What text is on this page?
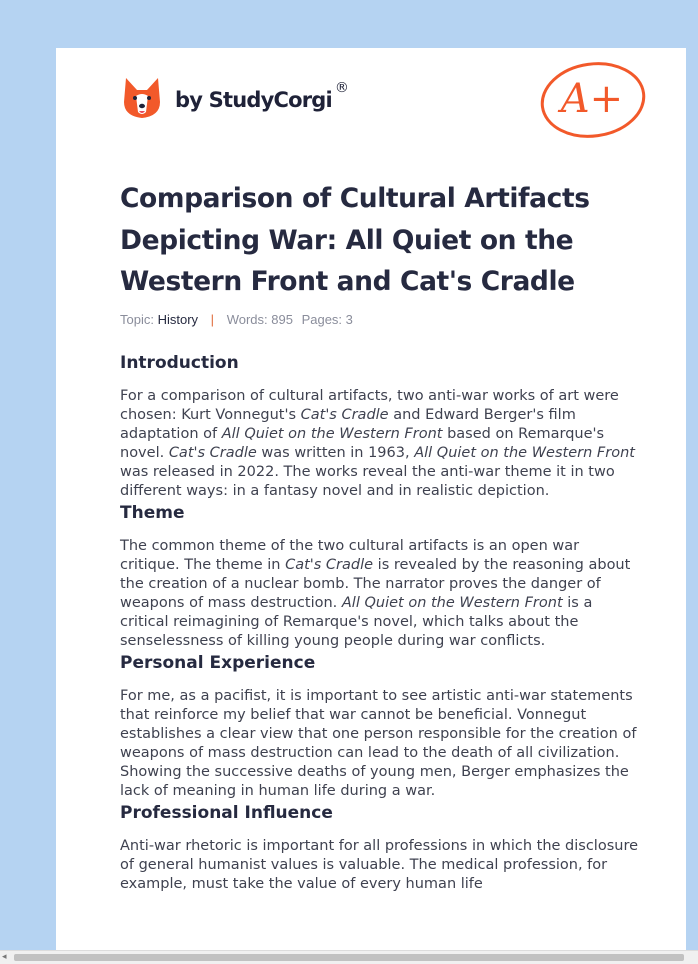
by StudyCorgi ®	A+
Comparison of Cultural Artifacts Depicting War: All Quiet on the Western Front and Cat's Cradle
Topic: History | Words: 895 Pages: 3
Introduction

For a comparison of cultural artifacts, two anti-war works of art were chosen: Kurt Vonnegut's Cat's Cradle and Edward Berger's film adaptation of All Quiet on the Western Front based on Remarque's novel. Cat's Cradle was written in 1963, All Quiet on the Western Front was released in 2022. The works reveal the anti-war theme it in two different ways: in a fantasy novel and in realistic depiction.

Theme

The common theme of the two cultural artifacts is an open war critique. The theme in Cat's Cradle is revealed by the reasoning about the creation of a nuclear bomb. The narrator proves the danger of weapons of mass destruction. All Quiet on the Western Front is a critical reimagining of Remarque's novel, which talks about the senselessness of killing young people during war conflicts.

Personal Experience

For me, as a pacifist, it is important to see artistic anti-war statements that reinforce my belief that war cannot be beneficial. Vonnegut establishes a clear view that one person responsible for the creation of weapons of mass destruction can lead to the death of all civilization. Showing the successive deaths of young men, Berger emphasizes the lack of meaning in human life during a war.

Professional Influence

Anti-war rhetoric is important for all professions in which the disclosure of general humanist values is valuable. The medical profession, for example, must take the value of every human life

◂
